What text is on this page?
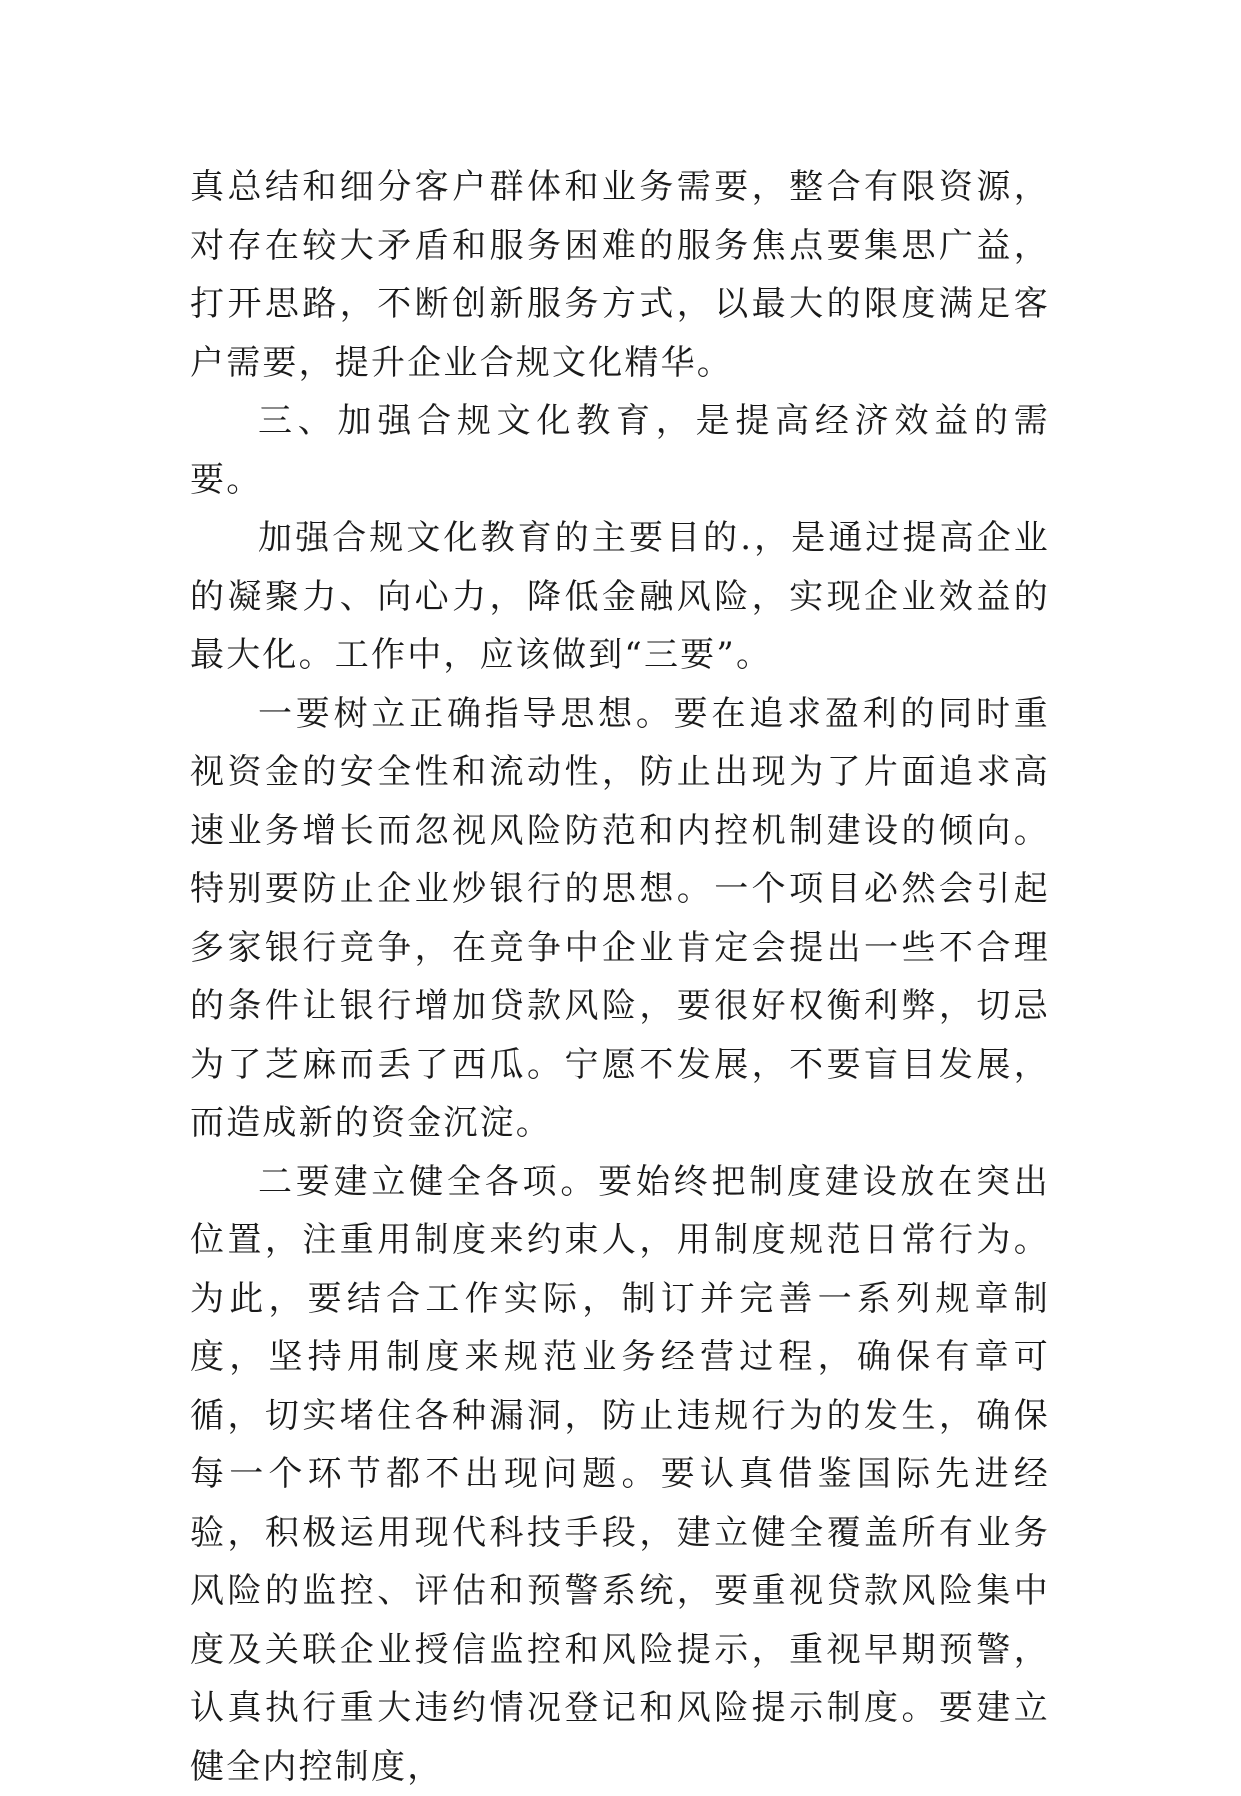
真总结和细分客户群体和业务需要，整合有限资源，对存在较大矛盾和服务困难的服务焦点要集思广益，打开思路，不断创新服务方式，以最大的限度满足客户需要，提升企业合规文化精华。

三、加强合规文化教育，是提高经济效益的需要。

加强合规文化教育的主要目的.，是通过提高企业的凝聚力、向心力，降低金融风险，实现企业效益的最大化。工作中，应该做到“三要”。

一要树立正确指导思想。要在追求盈利的同时重视资金的安全性和流动性，防止出现为了片面追求高速业务增长而忽视风险防范和内控机制建设的倾向。特别要防止企业炒银行的思想。一个项目必然会引起多家银行竞争，在竞争中企业肯定会提出一些不合理的条件让银行增加贷款风险，要很好权衡利弊，切忌为了芝麻而丢了西瓜。宁愿不发展，不要盲目发展，而造成新的资金沉淀。

二要建立健全各项。要始终把制度建设放在突出位置，注重用制度来约束人，用制度规范日常行为。为此，要结合工作实际，制订并完善一系列规章制度，坚持用制度来规范业务经营过程，确保有章可循，切实堵住各种漏洞，防止违规行为的发生，确保每一个环节都不出现问题。要认真借鉴国际先进经验，积极运用现代科技手段，建立健全覆盖所有业务风险的监控、评估和预警系统，要重视贷款风险集中度及关联企业授信监控和风险提示，重视早期预警，认真执行重大违约情况登记和风险提示制度。要建立健全内控制度，
